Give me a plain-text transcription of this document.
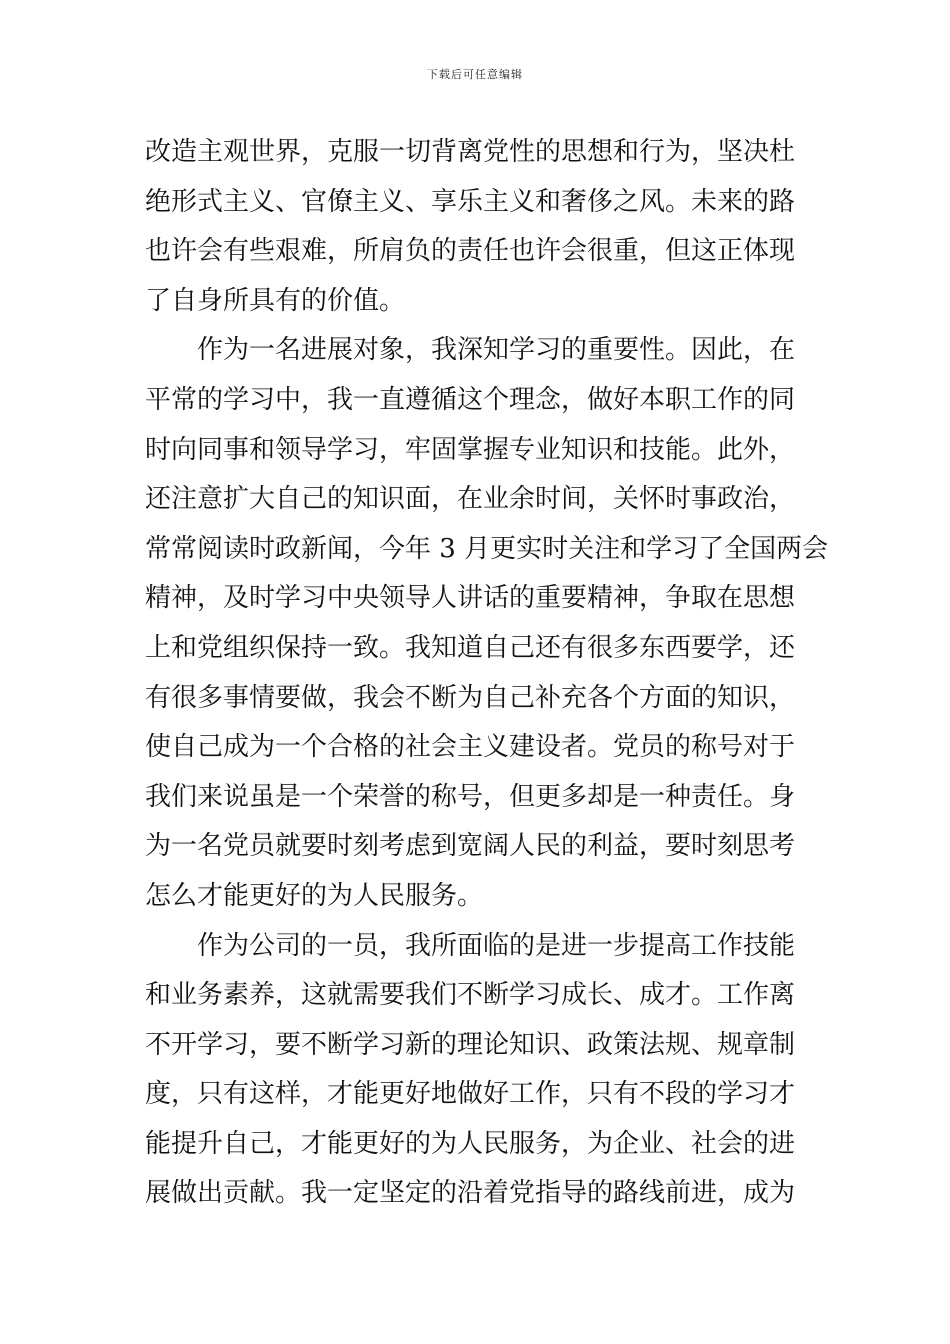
下载后可任意编辑
改造主观世界，克服一切背离党性的思想和行为，坚决杜
绝形式主义、官僚主义、享乐主义和奢侈之风。未来的路
也许会有些艰难，所肩负的责任也许会很重，但这正体现
了自身所具有的价值。
　　作为一名进展对象，我深知学习的重要性。因此，在
平常的学习中，我一直遵循这个理念，做好本职工作的同
时向同事和领导学习，牢固掌握专业知识和技能。此外，
还注意扩大自己的知识面，在业余时间，关怀时事政治，
常常阅读时政新闻，今年 3 月更实时关注和学习了全国两会
精神，及时学习中央领导人讲话的重要精神，争取在思想
上和党组织保持一致。我知道自己还有很多东西要学，还
有很多事情要做，我会不断为自己补充各个方面的知识，
使自己成为一个合格的社会主义建设者。党员的称号对于
我们来说虽是一个荣誉的称号，但更多却是一种责任。身
为一名党员就要时刻考虑到宽阔人民的利益，要时刻思考
怎么才能更好的为人民服务。
　　作为公司的一员，我所面临的是进一步提高工作技能
和业务素养，这就需要我们不断学习成长、成才。工作离
不开学习，要不断学习新的理论知识、政策法规、规章制
度，只有这样，才能更好地做好工作，只有不段的学习才
能提升自己，才能更好的为人民服务，为企业、社会的进
展做出贡献。我一定坚定的沿着党指导的路线前进，成为
